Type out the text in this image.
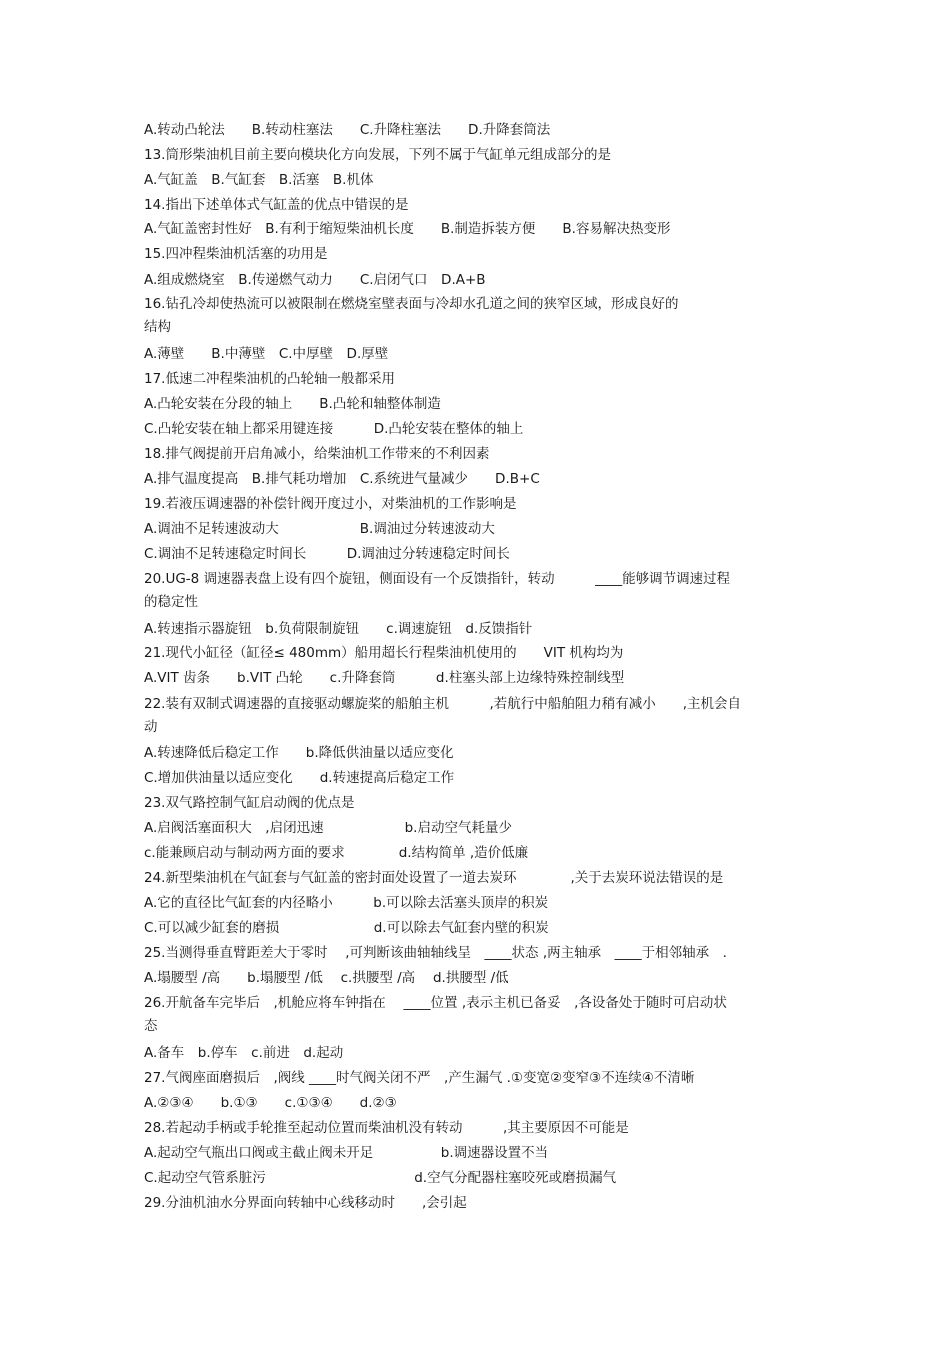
A.转动凸轮法　　B.转动柱塞法　　C.升降柱塞法　　D.升降套筒法
13.筒形柴油机目前主要向模块化方向发展，下列不属于气缸单元组成部分的是
A.气缸盖　B.气缸套　B.活塞　B.机体
14.指出下述单体式气缸盖的优点中错误的是
A.气缸盖密封性好　B.有利于缩短柴油机长度　　B.制造拆装方便　　B.容易解决热变形
15.四冲程柴油机活塞的功用是
A.组成燃烧室　B.传递燃气动力　　C.启闭气口　D.A+B
16.钻孔冷却使热流可以被限制在燃烧室壁表面与冷却水孔道之间的狭窄区域，形成良好的
结构
A.薄壁　　B.中薄壁　C.中厚壁　D.厚壁
17.低速二冲程柴油机的凸轮轴一般都采用
A.凸轮安装在分段的轴上　　B.凸轮和轴整体制造
C.凸轮安装在轴上都采用键连接　　　D.凸轮安装在整体的轴上
18.排气阀提前开启角减小，给柴油机工作带来的不利因素
A.排气温度提高　B.排气耗功增加　C.系统进气量减少　　D.B+C
19.若液压调速器的补偿针阀开度过小，对柴油机的工作影响是
A.调油不足转速波动大　　　　　　B.调油过分转速波动大
C.调油不足转速稳定时间长　　　D.调油过分转速稳定时间长
20.UG-8 调速器表盘上设有四个旋钮，侧面设有一个反馈指针，转动　　　____能够调节调速过程
的稳定性
A.转速指示器旋钮　b.负荷限制旋钮　　c.调速旋钮　d.反馈指针
21.现代小缸径（缸径≤ 480mm）船用超长行程柴油机使用的　　VIT 机构均为
A.VIT 齿条　　b.VIT 凸轮　　c.升降套筒　　　d.柱塞头部上边缘特殊控制线型
22.装有双制式调速器的直接驱动螺旋桨的船舶主机　　　,若航行中船舶阻力稍有减小　　,主机会自
动
A.转速降低后稳定工作　　b.降低供油量以适应变化
C.增加供油量以适应变化　　d.转速提高后稳定工作
23.双气路控制气缸启动阀的优点是
A.启阀活塞面积大　,启闭迅速　　　　　　b.启动空气耗量少
c.能兼顾启动与制动两方面的要求　　　　d.结构简单 ,造价低廉
24.新型柴油机在气缸套与气缸盖的密封面处设置了一道去炭环　　　　,关于去炭环说法错误的是
A.它的直径比气缸套的内径略小　　　b.可以除去活塞头顶岸的积炭
C.可以减少缸套的磨损　　　　　　　d.可以除去气缸套内壁的积炭
25.当测得垂直臂距差大于零时　 ,可判断该曲轴轴线呈　____状态 ,两主轴承　____于相邻轴承　.
A.塌腰型 /高　　b.塌腰型 /低　 c.拱腰型 /高　 d.拱腰型 /低
26.开航备车完毕后　,机舱应将车钟指在　 ____位置 ,表示主机已备妥　,各设备处于随时可启动状
态
A.备车　b.停车　c.前进　d.起动
27.气阀座面磨损后　,阀线 ____时气阀关闭不严　,产生漏气 .①变宽②变窄③不连续④不清晰
A.②③④　　b.①③　　c.①③④　　d.②③
28.若起动手柄或手轮推至起动位置而柴油机没有转动　　　,其主要原因不可能是
A.起动空气瓶出口阀或主截止阀未开足　　　　　b.调速器设置不当
C.起动空气管系脏污　　　　　　　　　　　d.空气分配器柱塞咬死或磨损漏气
29.分油机油水分界面向转轴中心线移动时　　,会引起
